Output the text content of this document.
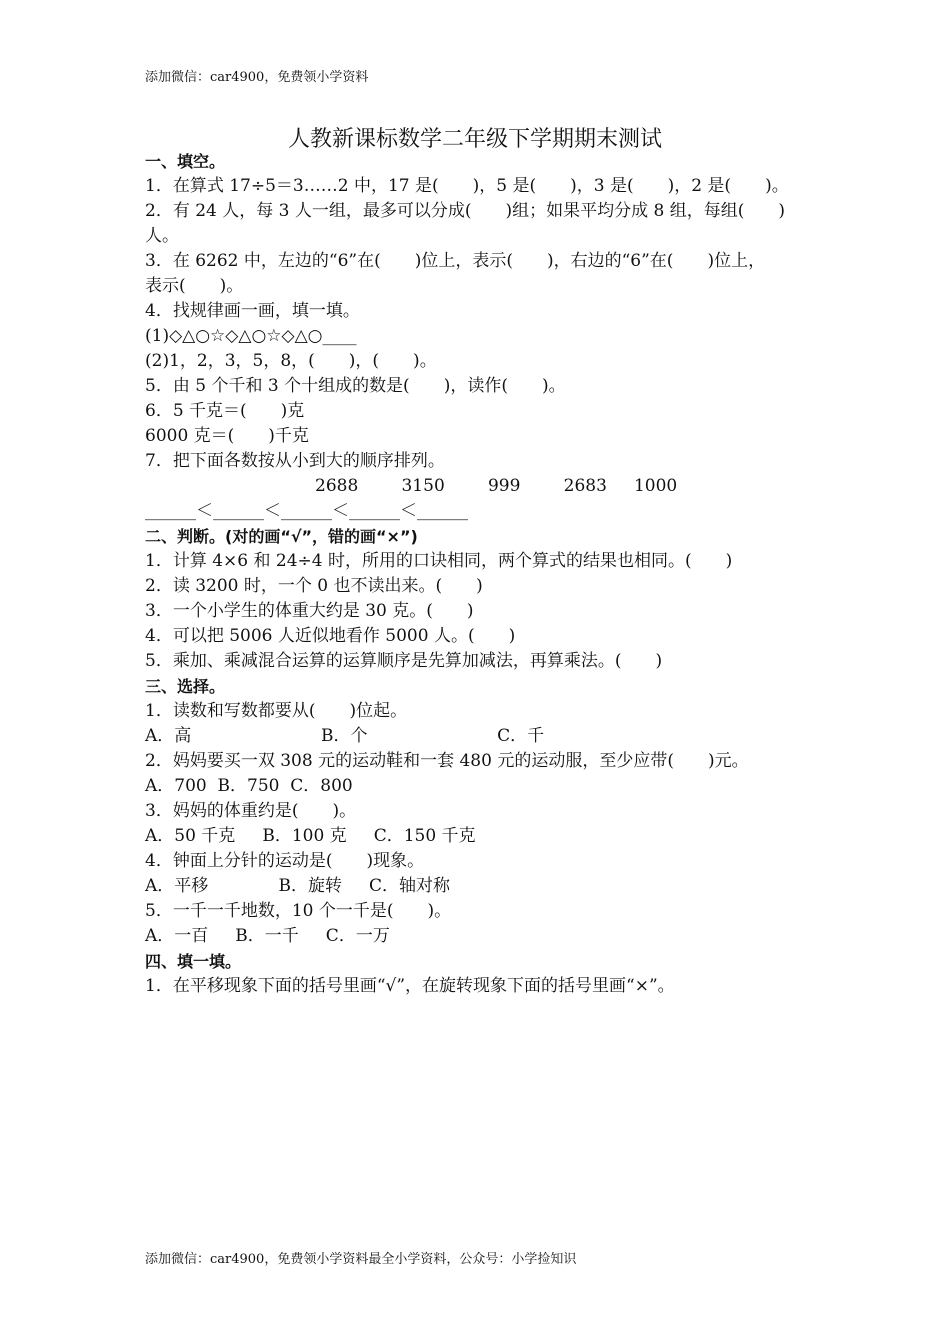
添加微信：car4900，免费领小学资料
人教新课标数学二年级下学期期末测试
一、填空。
1．在算式 17÷5＝3……2 中，17 是(　　)，5 是(　　)，3 是(　　)，2 是(　　)。
2．有 24 人，每 3 人一组，最多可以分成(　　)组；如果平均分成 8 组，每组(　　)
人。
3．在 6262 中，左边的“6”在(　　)位上，表示(　　)，右边的“6”在(　　)位上，
表示(　　)。
4．找规律画一画，填一填。
(1)◇△○☆◇△○☆◇△○____
(2)1，2，3，5，8，(　　)，(　　)。
5．由 5 个千和 3 个十组成的数是(　　)，读作(　　)。
6．5 千克＝(　　)克
6000 克＝(　　)千克
7．把下面各数按从小到大的顺序排列。
2688        3150        999        2683     1000
______＜______＜______＜______＜______
二、判断。(对的画“√”，错的画“×”)
1．计算 4×6 和 24÷4 时，所用的口诀相同，两个算式的结果也相同。(　　)
2．读 3200 时，一个 0 也不读出来。(　　)
3．一个小学生的体重大约是 30 克。(　　)
4．可以把 5006 人近似地看作 5000 人。(　　)
5．乘加、乘减混合运算的运算顺序是先算加减法，再算乘法。(　　)
三、选择。
1．读数和写数都要从(　　)位起。
A．高                        B．个                        C．千
2．妈妈要买一双 308 元的运动鞋和一套 480 元的运动服，至少应带(　　)元。
A．700  B．750  C．800
3．妈妈的体重约是(　　)。
A．50 千克     B．100 克     C．150 千克
4．钟面上分针的运动是(　　)现象。
A．平移             B．旋转     C．轴对称
5．一千一千地数，10 个一千是(　　)。
A．一百     B．一千     C．一万
四、填一填。
1．在平移现象下面的括号里画“√”，在旋转现象下面的括号里画“×”。
添加微信：car4900，免费领小学资料最全小学资料，公众号：小学捡知识
